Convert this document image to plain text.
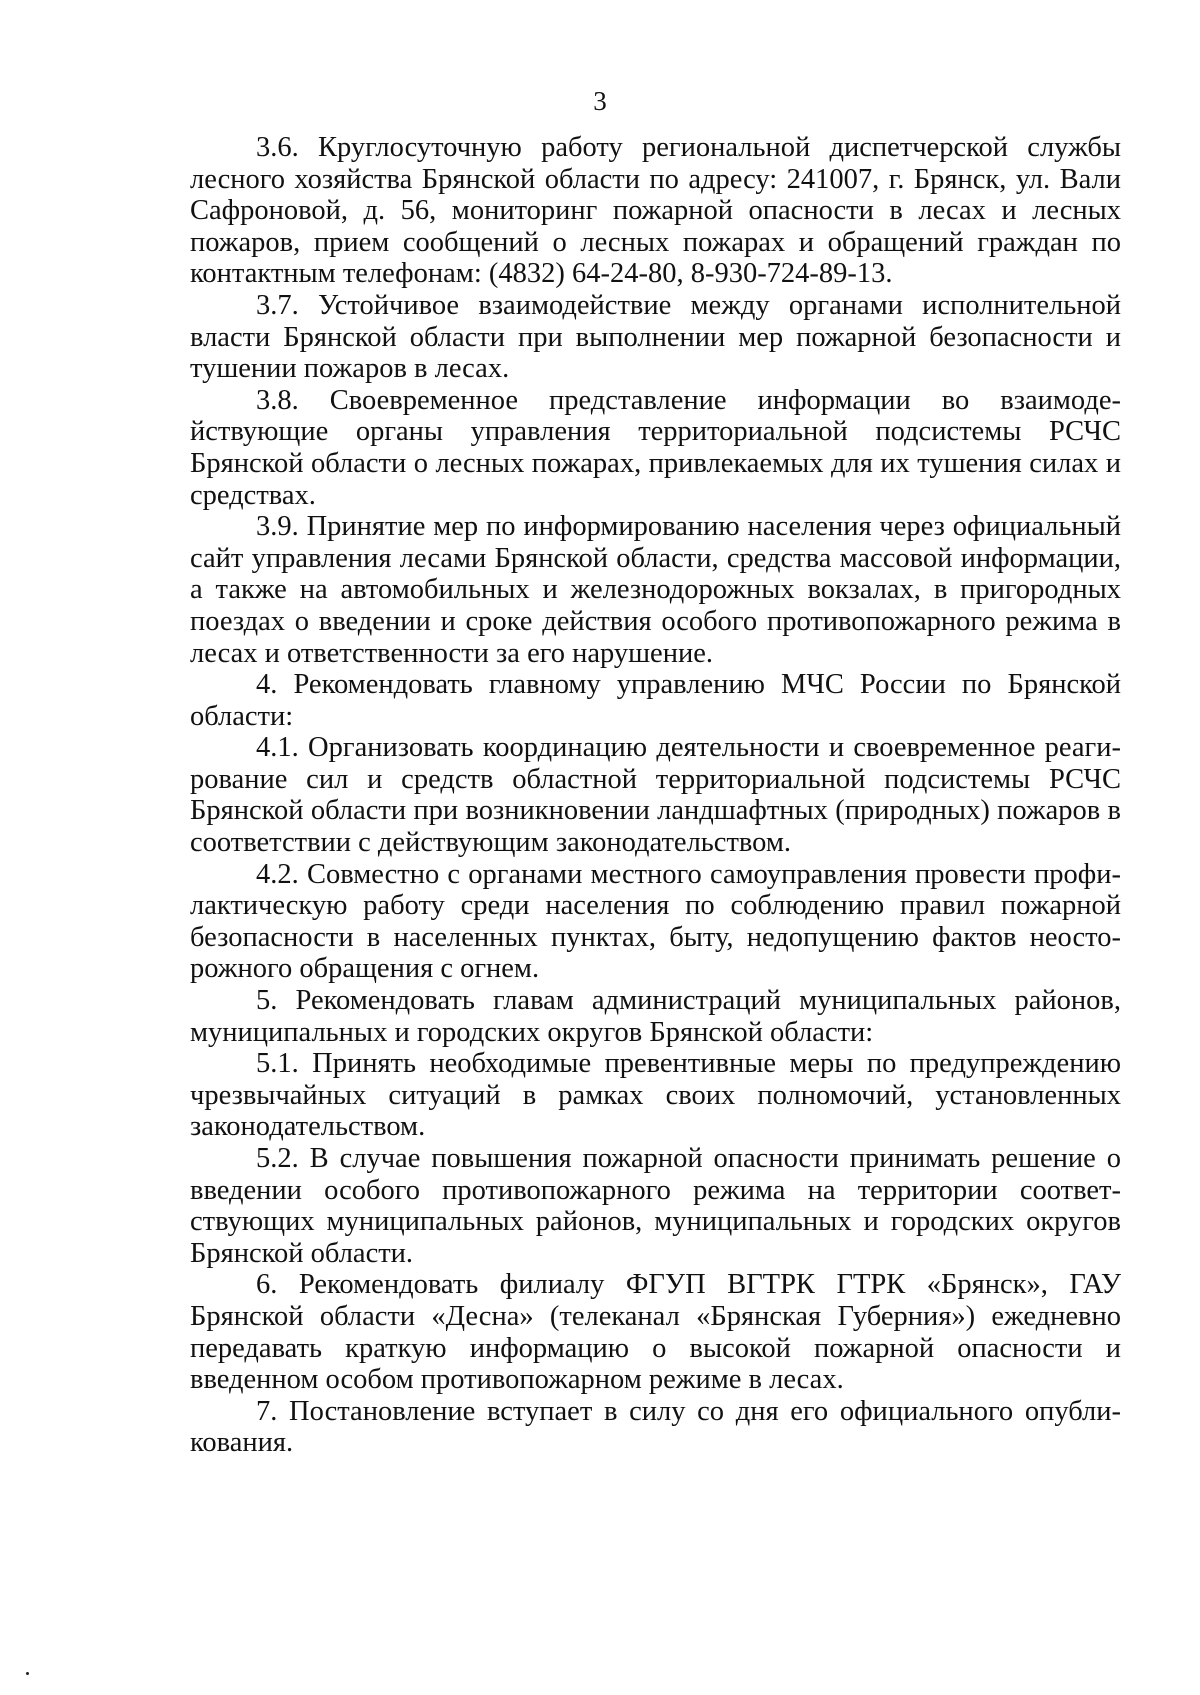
3

3.6. Круглосуточную работу региональной диспетчерской службы лесного хозяйства Брянской области по адресу: 241007, г. Брянск, ул. Вали Сафроновой, д. 56, мониторинг пожарной опасности в лесах и лесных пожаров, прием сообщений о лесных пожарах и обращений граждан по контактным телефонам: (4832) 64-24-80, 8-930-724-89-13.

3.7. Устойчивое взаимодействие между органами исполнительной власти Брянской области при выполнении мер пожарной безопасности и тушении пожаров в лесах.

3.8. Своевременное представление информации во взаимодействующие органы управления территориальной подсистемы РСЧС Брянской области о лесных пожарах, привлекаемых для их тушения силах и средствах.

3.9. Принятие мер по информированию населения через официальный сайт управления лесами Брянской области, средства массовой информации, а также на автомобильных и железнодорожных вокзалах, в пригородных поездах о введении и сроке действия особого противопожарного режима в лесах и ответственности за его нарушение.

4. Рекомендовать главному управлению МЧС России по Брянской области:

4.1. Организовать координацию деятельности и своевременное реагирование сил и средств областной территориальной подсистемы РСЧС Брянской области при возникновении ландшафтных (природных) пожаров в соответствии с действующим законодательством.

4.2. Совместно с органами местного самоуправления провести профилактическую работу среди населения по соблюдению правил пожарной безопасности в населенных пунктах, быту, недопущению фактов неосторожного обращения с огнем.

5. Рекомендовать главам администраций муниципальных районов, муниципальных и городских округов Брянской области:

5.1. Принять необходимые превентивные меры по предупреждению чрезвычайных ситуаций в рамках своих полномочий, установленных законодательством.

5.2. В случае повышения пожарной опасности принимать решение о введении особого противопожарного режима на территории соответствующих муниципальных районов, муниципальных и городских округов Брянской области.

6. Рекомендовать филиалу ФГУП ВГТРК ГТРК «Брянск», ГАУ Брянской области «Десна» (телеканал «Брянская Губерния») ежедневно передавать краткую информацию о высокой пожарной опасности и введенном особом противопожарном режиме в лесах.

7. Постановление вступает в силу со дня его официального опубликования.
